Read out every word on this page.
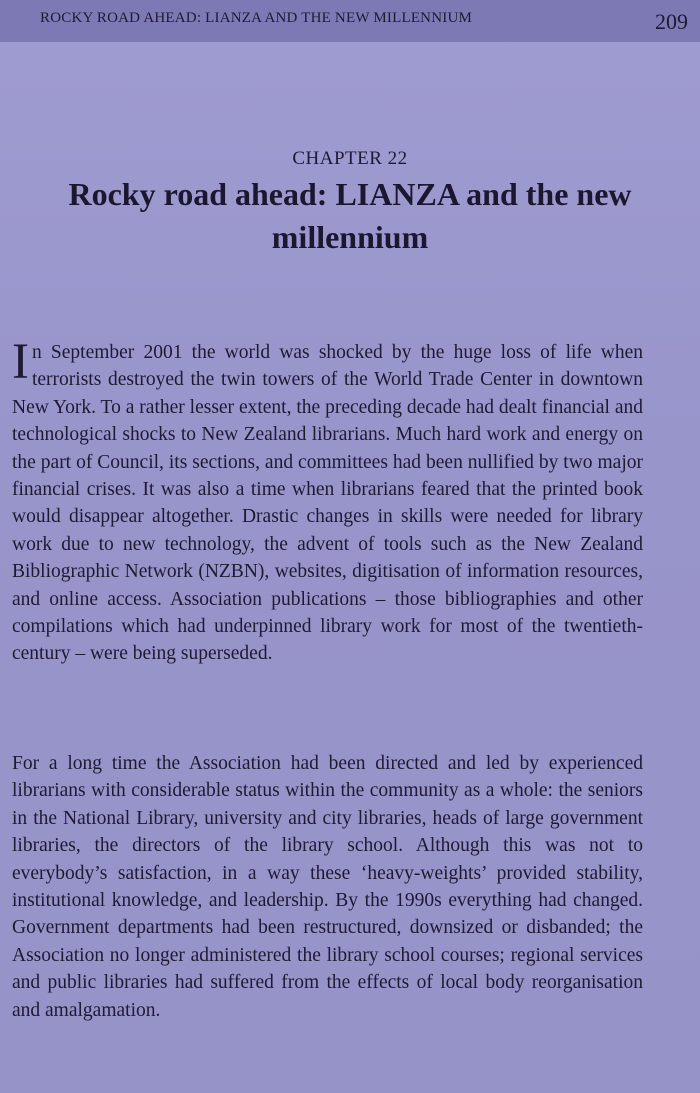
ROCKY ROAD AHEAD: LIANZA AND THE NEW MILLENNIUM	209
CHAPTER 22
Rocky road ahead: LIANZA and the new millennium
In September 2001 the world was shocked by the huge loss of life when terrorists destroyed the twin towers of the World Trade Center in downtown New York. To a rather lesser extent, the preceding decade had dealt financial and technological shocks to New Zealand librarians. Much hard work and energy on the part of Council, its sections, and committees had been nullified by two major financial crises. It was also a time when librarians feared that the printed book would disappear altogether. Drastic changes in skills were needed for library work due to new technology, the advent of tools such as the New Zealand Bibliographic Network (NZBN), websites, digitisation of information resources, and online access. Association publications – those bibliographies and other compilations which had underpinned library work for most of the twentieth-century – were being superseded.
For a long time the Association had been directed and led by experienced librarians with considerable status within the community as a whole: the seniors in the National Library, university and city libraries, heads of large government libraries, the directors of the library school. Although this was not to everybody’s satisfaction, in a way these ‘heavy-weights’ provided stability, institutional knowledge, and leadership. By the 1990s everything had changed. Government departments had been restructured, downsized or disbanded; the Association no longer administered the library school courses; regional services and public libraries had suffered from the effects of local body reorganisation and amalgamation.
